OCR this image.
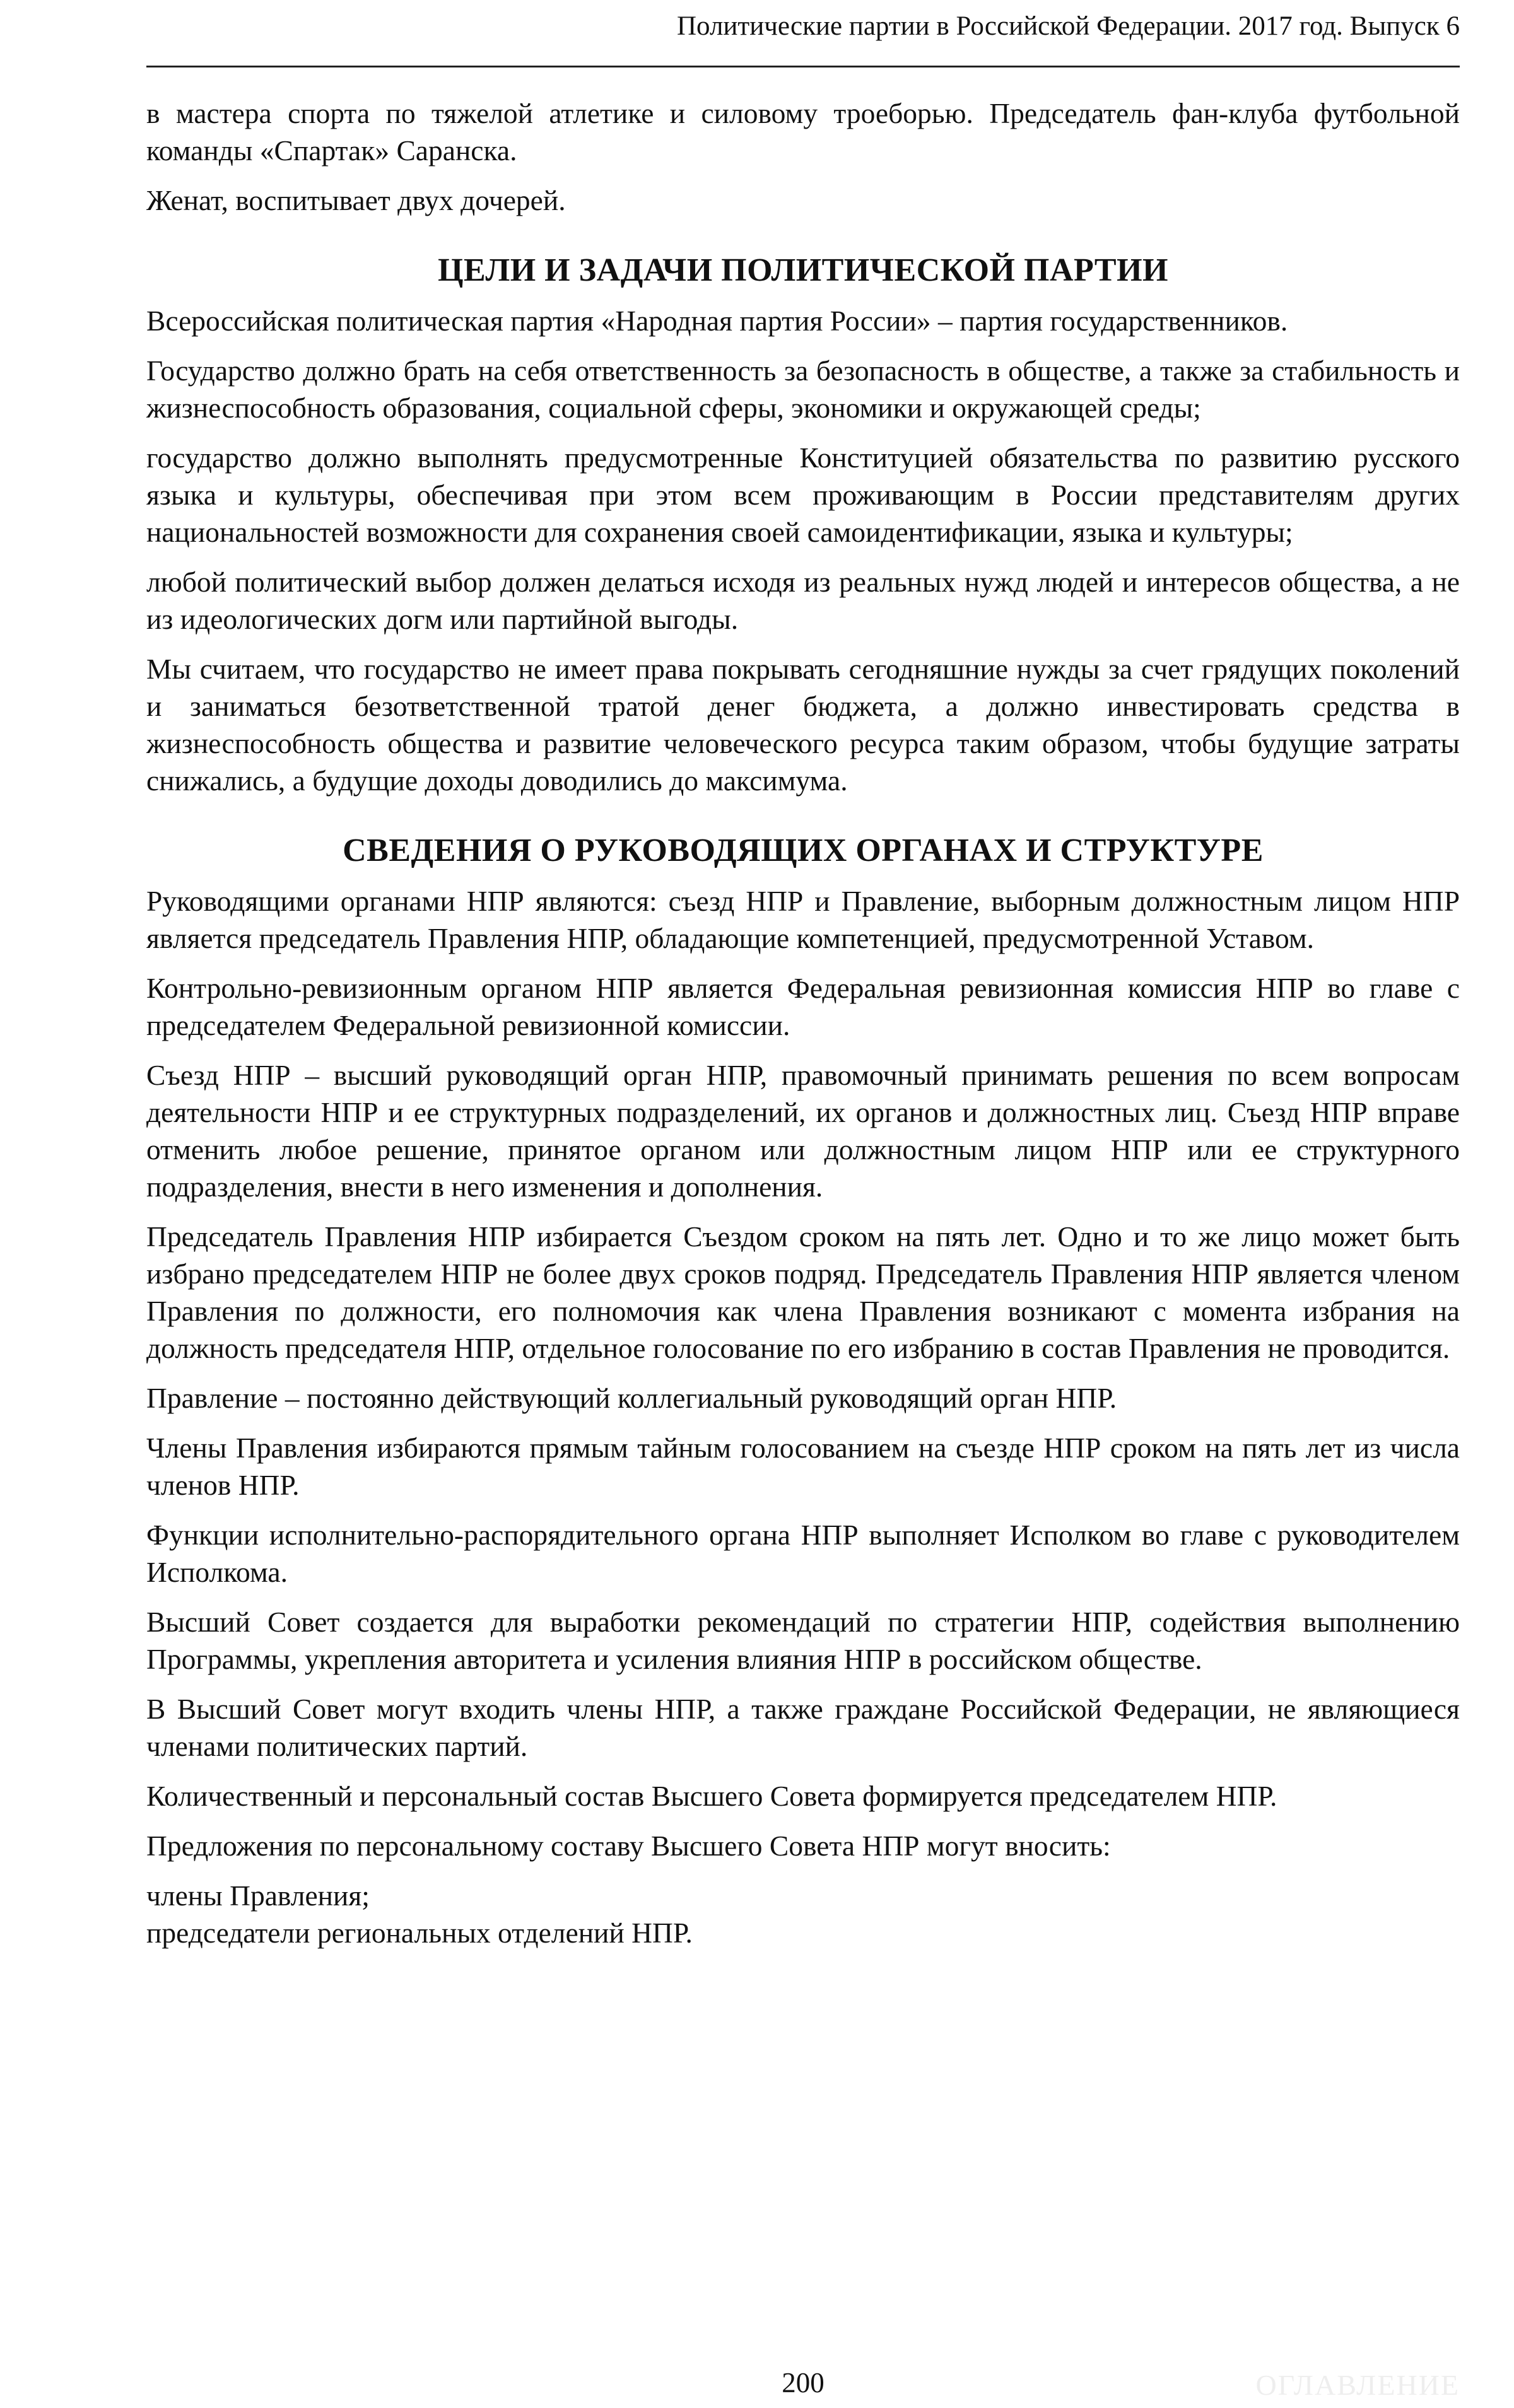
Политические партии в Российской Федерации. 2017 год. Выпуск 6

в мастера спорта по тяжелой атлетике и силовому троеборью. Председатель фан-клуба футбольной команды «Спартак» Саранска.

Женат, воспитывает двух дочерей.

ЦЕЛИ И ЗАДАЧИ ПОЛИТИЧЕСКОЙ ПАРТИИ

Всероссийская политическая партия «Народная партия России» – партия государственников.

Государство должно брать на себя ответственность за безопасность в обществе, а также за стабильность и жизнеспособность образования, социальной сферы, экономики и окружающей среды;

государство должно выполнять предусмотренные Конституцией обязательства по развитию русского языка и культуры, обеспечивая при этом всем проживающим в России представителям других национальностей возможности для сохранения своей самоидентификации, языка и культуры;

любой политический выбор должен делаться исходя из реальных нужд людей и интересов общества, а не из идеологических догм или партийной выгоды.

Мы считаем, что государство не имеет права покрывать сегодняшние нужды за счет грядущих поколений и заниматься безответственной тратой денег бюджета, а должно инвестировать средства в жизнеспособность общества и развитие человеческого ресурса таким образом, чтобы будущие затраты снижались, а будущие доходы доводились до максимума.

СВЕДЕНИЯ О РУКОВОДЯЩИХ ОРГАНАХ И СТРУКТУРЕ

Руководящими органами НПР являются: съезд НПР и Правление, выборным должностным лицом НПР является председатель Правления НПР, обладающие компетенцией, предусмотренной Уставом.

Контрольно-ревизионным органом НПР является Федеральная ревизионная комиссия НПР во главе с председателем Федеральной ревизионной комиссии.

Съезд НПР – высший руководящий орган НПР, правомочный принимать решения по всем вопросам деятельности НПР и ее структурных подразделений, их органов и должностных лиц. Съезд НПР вправе отменить любое решение, принятое органом или должностным лицом НПР или ее структурного подразделения, внести в него изменения и дополнения.

Председатель Правления НПР избирается Съездом сроком на пять лет. Одно и то же лицо может быть избрано председателем НПР не более двух сроков подряд. Председатель Правления НПР является членом Правления по должности, его полномочия как члена Правления возникают с момента избрания на должность председателя НПР, отдельное голосование по его избранию в состав Правления не проводится.

Правление – постоянно действующий коллегиальный руководящий орган НПР.

Члены Правления избираются прямым тайным голосованием на съезде НПР сроком на пять лет из числа членов НПР.

Функции исполнительно-распорядительного органа НПР выполняет Исполком во главе с руководителем Исполкома.

Высший Совет создается для выработки рекомендаций по стратегии НПР, содействия выполнению Программы, укрепления авторитета и усиления влияния НПР в российском обществе.

В Высший Совет могут входить члены НПР, а также граждане Российской Федерации, не являющиеся членами политических партий.

Количественный и персональный состав Высшего Совета формируется председателем НПР.

Предложения по персональному составу Высшего Совета НПР могут вносить:

члены Правления;
председатели региональных отделений НПР.

200	ОГЛАВЛЕНИЕ
